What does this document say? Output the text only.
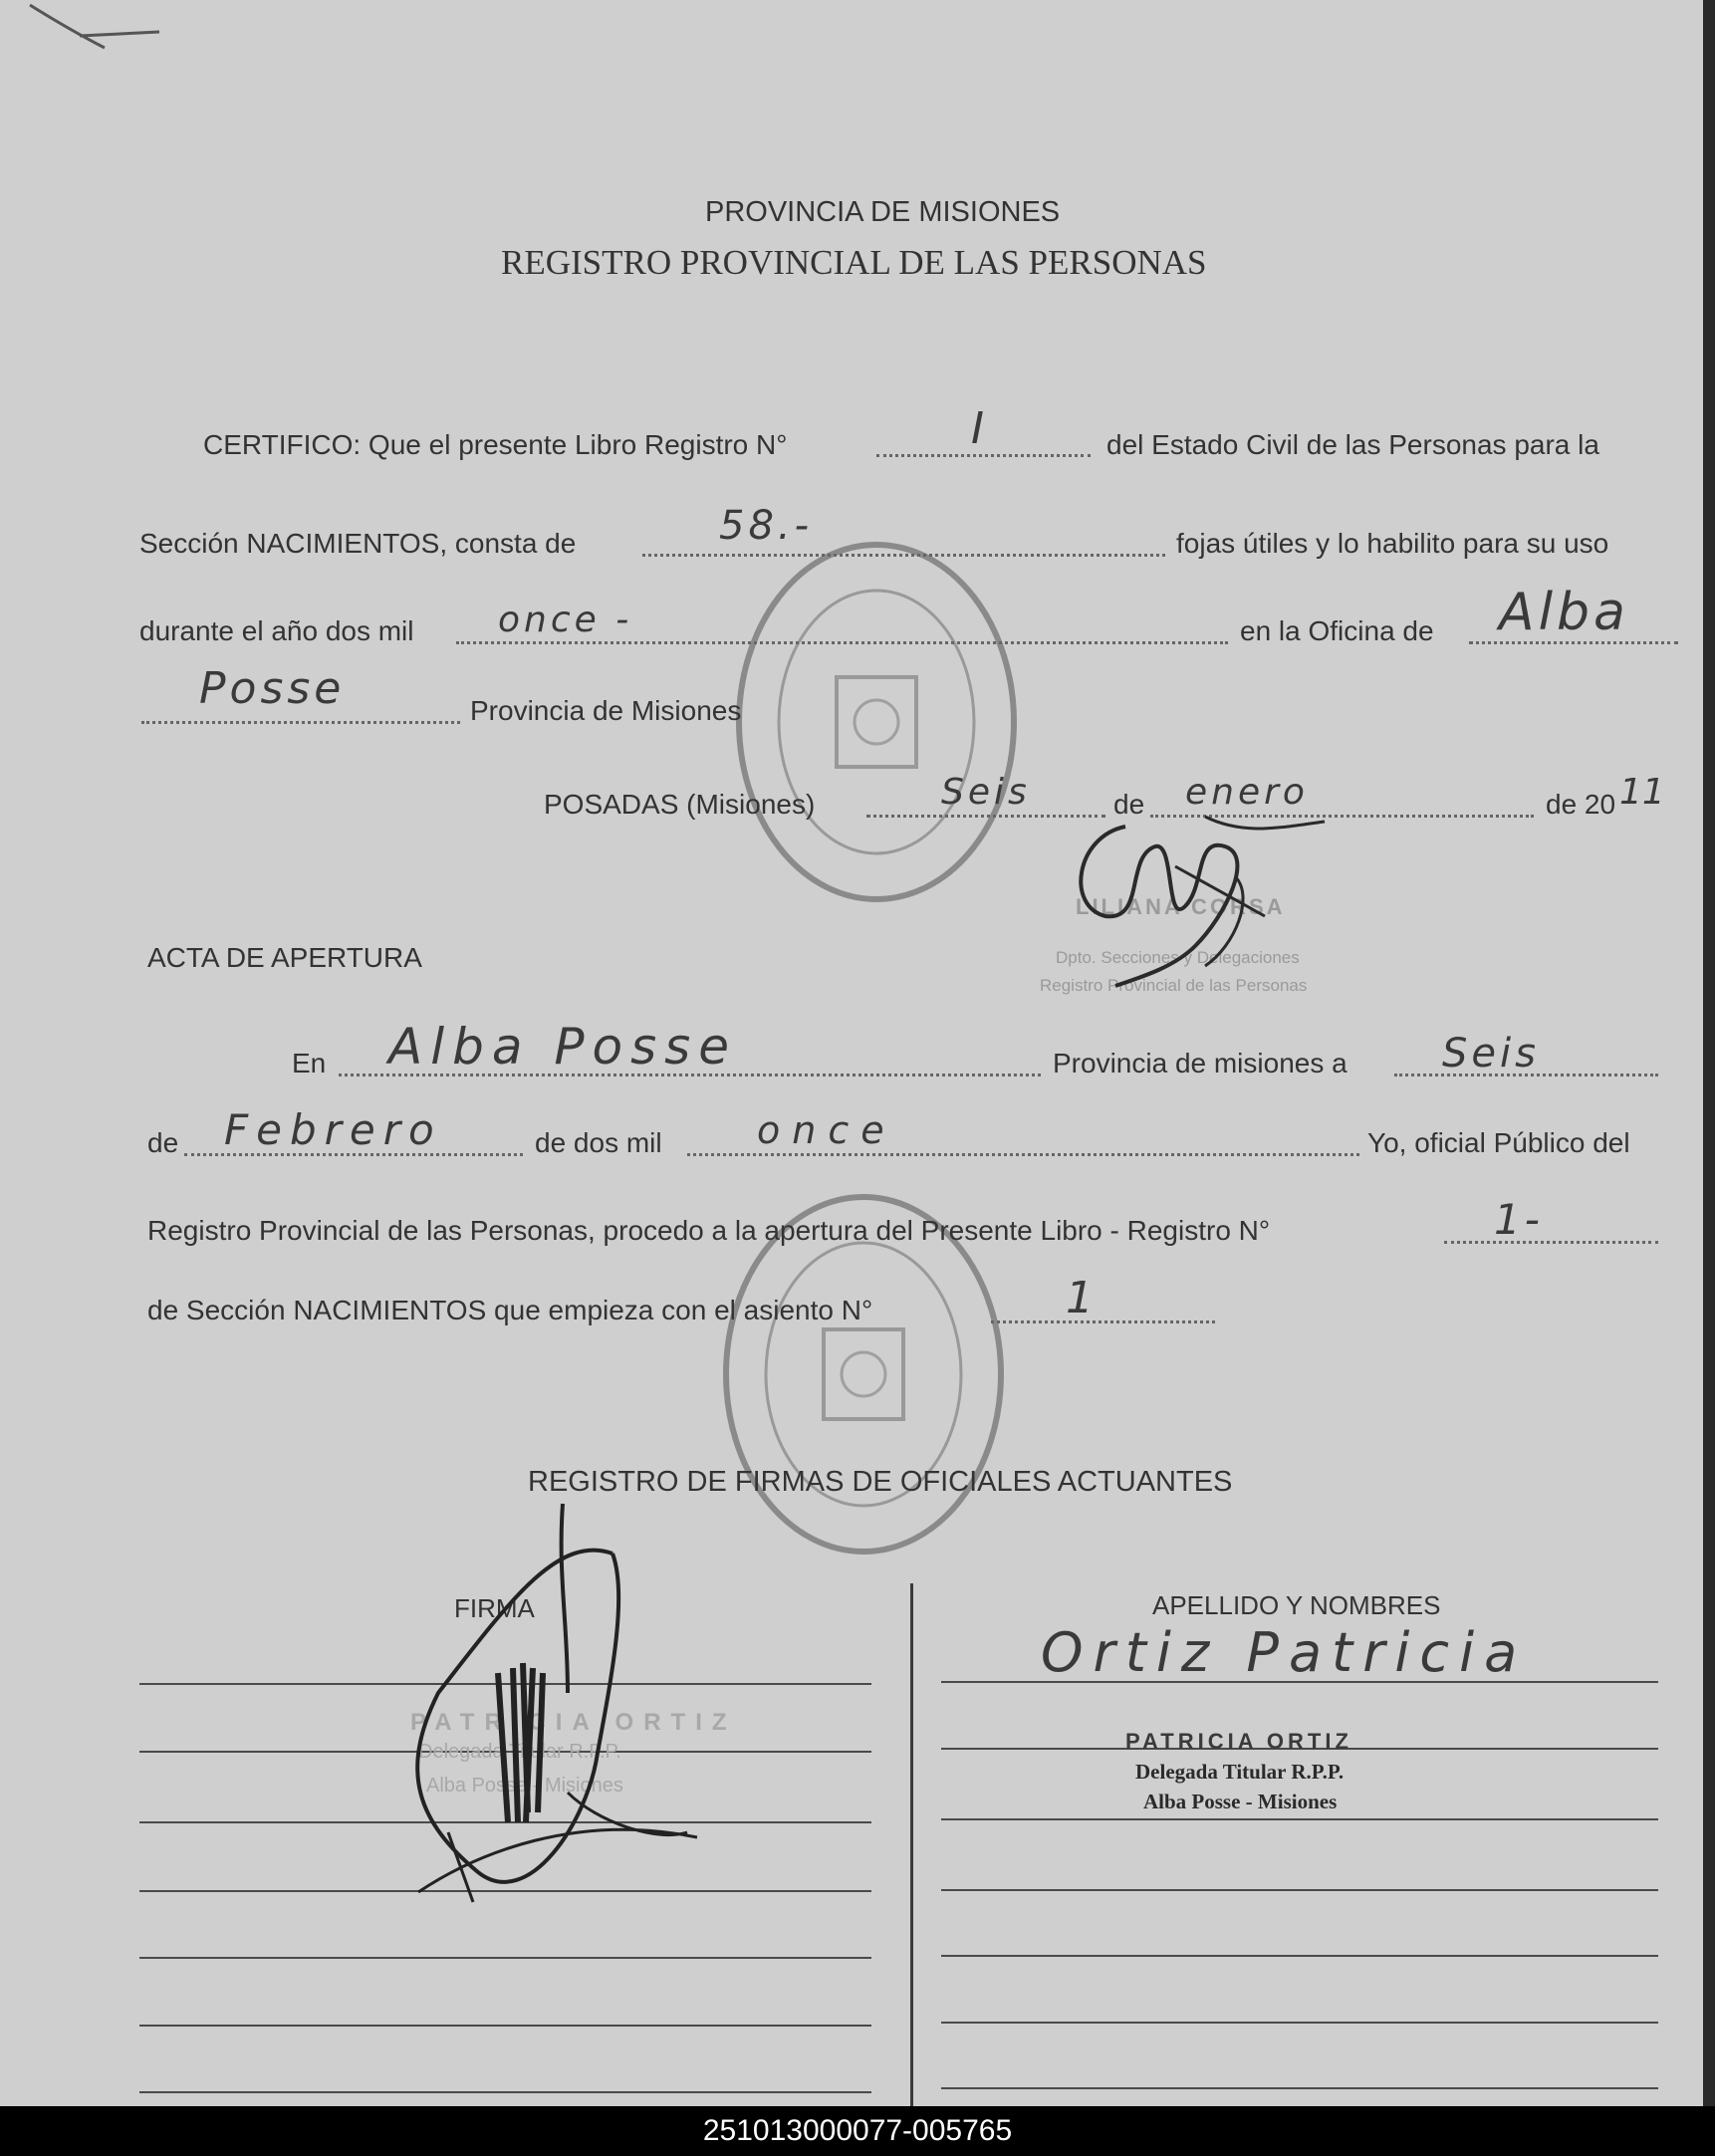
PROVINCIA DE MISIONES
REGISTRO PROVINCIAL DE LAS PERSONAS
CERTIFICO: Que el presente Libro Registro N°	I	del Estado Civil de las Personas para la
Sección NACIMIENTOS, consta de	58.-	fojas útiles y lo habilito para su uso
durante el año dos mil once -	en la Oficina de Alba
Posse	Provincia de Misiones
POSADAS (Misiones)	Seis	de enero	de 20 11
LILIANA CORSA
Dpto. Secciones y Delegaciones
Registro Provincial de las Personas
ACTA DE APERTURA
En Alba Posse	Provincia de misiones a Seis
de Febrero	de dos mil	once	Yo, oficial Público del
Registro Provincial de las Personas, procedo a la apertura del Presente Libro - Registro N°	1-
de Sección NACIMIENTOS que empieza con el asiento N°	1
REGISTRO DE FIRMAS DE OFICIALES ACTUANTES
FIRMA	APELLIDO Y NOMBRES
PATRICIA ORTIZ
Delegada Titular R.P.P.
Alba Posse - Misiones
Ortiz Patricia
PATRICIA ORTIZ
Delegada Titular R.P.P.
Alba Posse - Misiones
251013000077-005765
